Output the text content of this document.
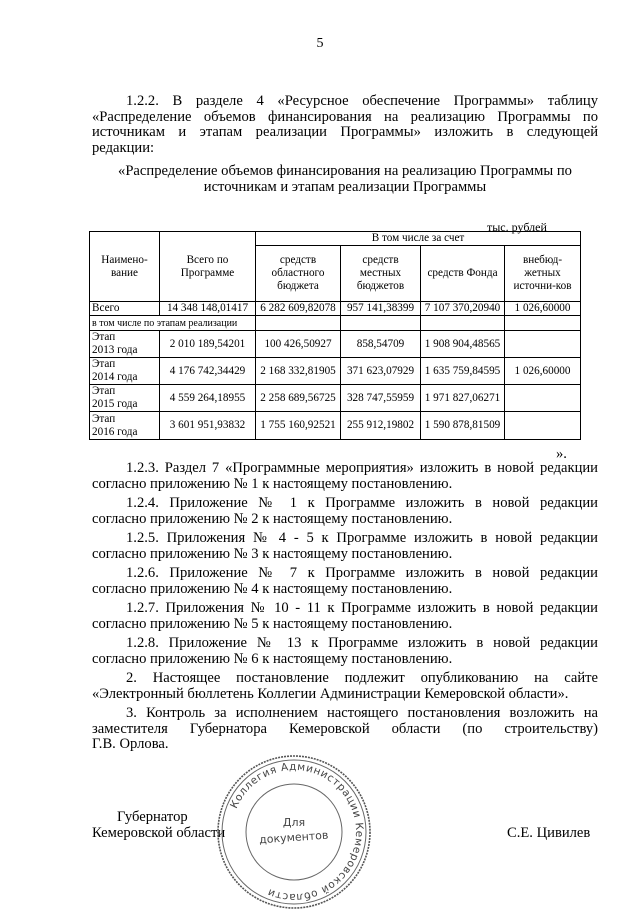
5
1.2.2. В разделе 4 «Ресурсное обеспечение Программы» таблицу
«Распределение объемов финансирования на реализацию Программы по
источникам и этапам реализации Программы» изложить в следующей
редакции:
«Распределение объемов финансирования на реализацию Программы по
источникам и этапам реализации Программы
тыс. рублей
Наимено-вание	Всего по Программе	В том числе за счет			
		средств областного бюджета	средств местных бюджетов	средств Фонда	внебюд-жетных источни-ков
Всего	14 348 148,01417	6 282 609,82078	957 141,38399	7 107 370,20940	1 026,60000
в том числе по этапам реализации					

Этап
2013 года	2 010 189,54201	100 426,50927	858,54709	1 908 904,48565	

Этап
2014 года	4 176 742,34429	2 168 332,81905	371 623,07929	1 635 759,84595	1 026,60000

Этап
2015 года	4 559 264,18955	2 258 689,56725	328 747,55959	1 971 827,06271	

Этап
2016 года	3 601 951,93832	1 755 160,92521	255 912,19802	1 590 878,81509	
».
1.2.3. Раздел 7 «Программные мероприятия» изложить в новой редакции
согласно приложению № 1 к настоящему постановлению.
1.2.4. Приложение № 1 к Программе изложить в новой редакции
согласно приложению № 2 к настоящему постановлению.
1.2.5. Приложения № 4 - 5 к Программе изложить в новой редакции
согласно приложению № 3 к настоящему постановлению.
1.2.6. Приложение № 7 к Программе изложить в новой редакции
согласно приложению № 4 к настоящему постановлению.
1.2.7. Приложения № 10 - 11 к Программе изложить в новой редакции
согласно приложению № 5 к настоящему постановлению.
1.2.8. Приложение № 13 к Программе изложить в новой редакции
согласно приложению № 6 к настоящему постановлению.
2. Настоящее постановление подлежит опубликованию на сайте
«Электронный бюллетень Коллегии Администрации Кемеровской области».
3. Контроль за исполнением настоящего постановления возложить на
заместителя Губернатора Кемеровской области (по строительству)
Г.В. Орлова.
Губернатор
Кемеровской области	С.Е. Цивилев
Коллегия Администрации Кемеровской области
Для
документов
